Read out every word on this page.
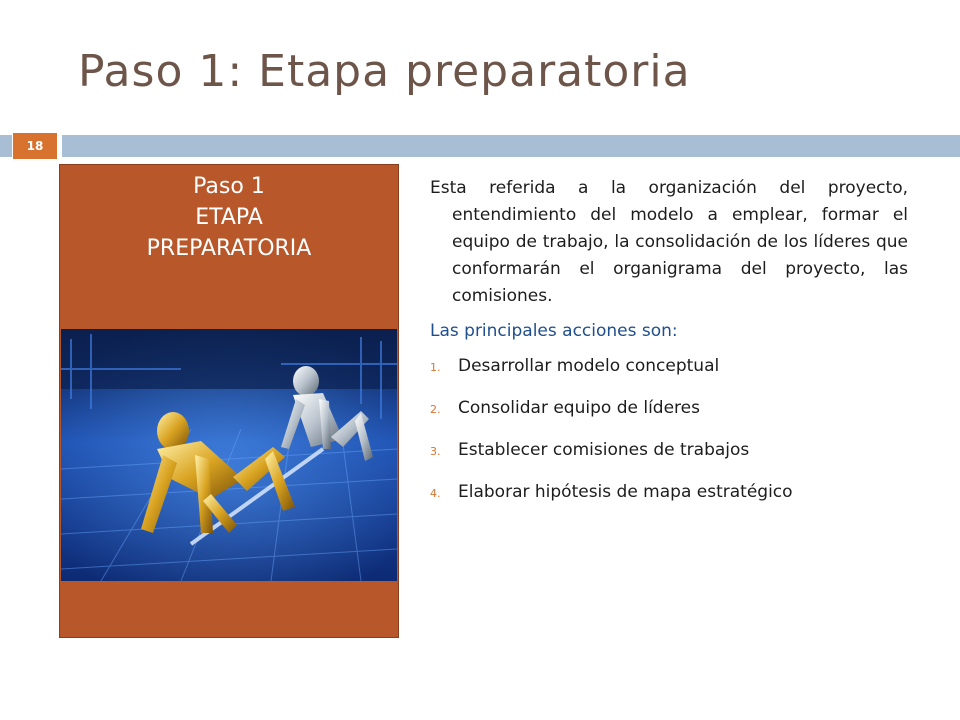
Paso 1: Etapa preparatoria
18
Paso 1
ETAPA
PREPARATORIA

Esta referida a la organización del proyecto, entendimiento del modelo a emplear, formar el equipo de trabajo, la consolidación de los líderes que conformarán el organigrama del proyecto, las comisiones.

Las principales acciones son:

1.	Desarrollar modelo conceptual
2.	Consolidar equipo de líderes
3.	Establecer comisiones de trabajos
4.	Elaborar hipótesis de mapa estratégico
